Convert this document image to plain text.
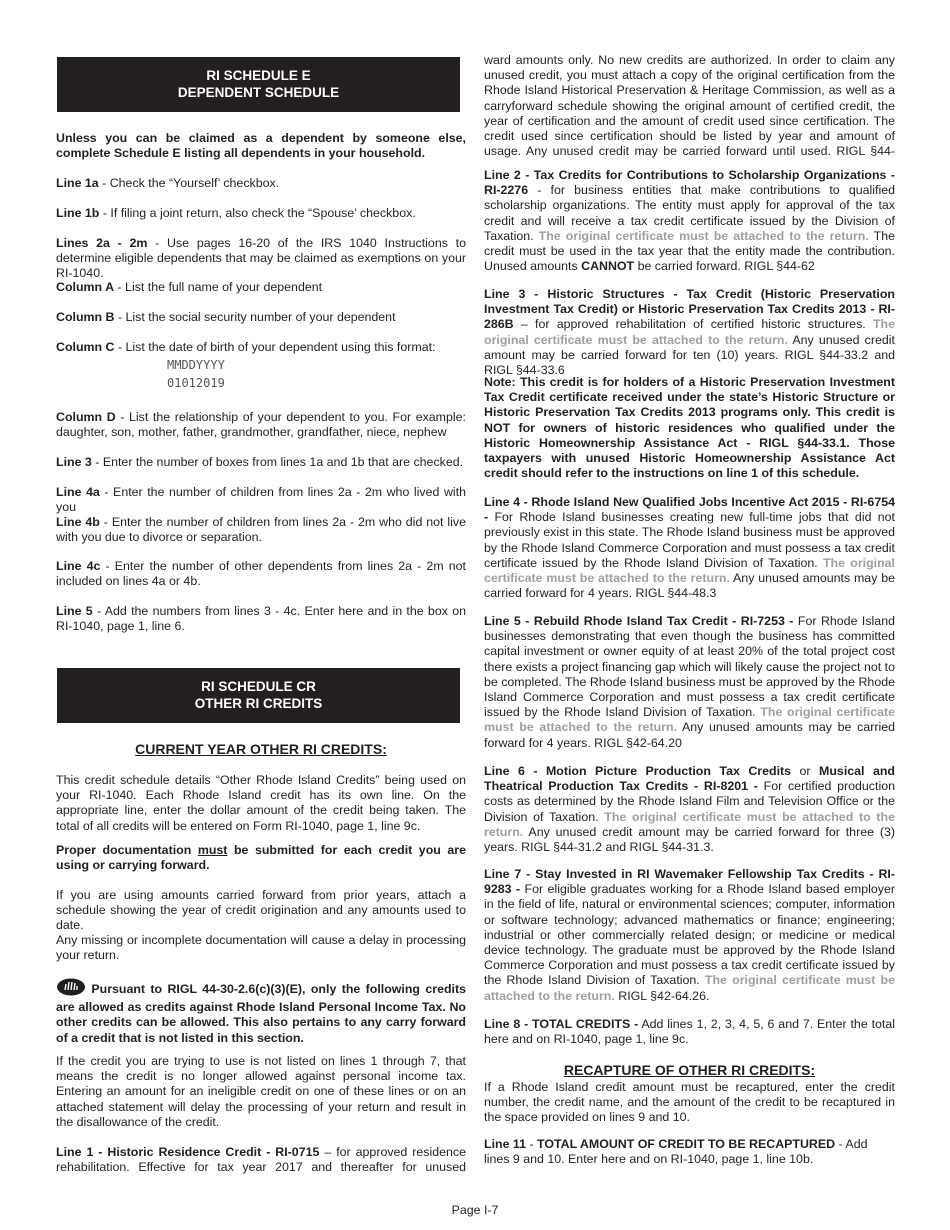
RI SCHEDULE E
DEPENDENT SCHEDULE

Unless you can be claimed as a dependent by someone else, complete Schedule E listing all dependents in your household.

Line 1a - Check the “Yourself’ checkbox.

Line 1b - If filing a joint return, also check the “Spouse’ checkbox.

Lines 2a - 2m - Use pages 16-20 of the IRS 1040 Instructions to determine eligible dependents that may be claimed as exemptions on your RI-1040.

Column A - List the full name of your dependent

Column B - List the social security number of your dependent

Column C - List the date of birth of your dependent using this format:

MMDDYYYY
01012019

Column D - List the relationship of your dependent to you. For example: daughter, son, mother, father, grandmother, grandfather, niece, nephew

Line 3 - Enter the number of boxes from lines 1a and 1b that are checked.

Line 4a - Enter the number of children from lines 2a - 2m who lived with you

Line 4b - Enter the number of children from lines 2a - 2m who did not live with you due to divorce or separation.

Line 4c - Enter the number of other dependents from lines 2a - 2m not included on lines 4a or 4b.

Line 5 - Add the numbers from lines 3 - 4c. Enter here and in the box on RI-1040, page 1, line 6.

RI SCHEDULE CR
OTHER RI CREDITS
CURRENT YEAR OTHER RI CREDITS:

This credit schedule details “Other Rhode Island Credits” being used on your RI-1040. Each Rhode Island credit has its own line. On the appropriate line, enter the dollar amount of the credit being taken. The total of all credits will be entered on Form RI-1040, page 1, line 9c.

Proper documentation must be submitted for each credit you are using or carrying forward.

If you are using amounts carried forward from prior years, attach a schedule showing the year of credit origination and any amounts used to date.

Any missing or incomplete documentation will cause a delay in processing your return.

Pursuant to RIGL 44-30-2.6(c)(3)(E), only the following credits are allowed as credits against Rhode Island Personal Income Tax. No other credits can be allowed. This also pertains to any carry forward of a credit that is not listed in this section.

If the credit you are trying to use is not listed on lines 1 through 7, that means the credit is no longer allowed against personal income tax. Entering an amount for an ineligible credit on one of these lines or on an attached statement will delay the processing of your return and result in the disallowance of the credit.

Line 1 - Historic Residence Credit - RI-0715 – for approved residence rehabilitation. Effective for tax year 2017 and thereafter for unused

ward amounts only. No new credits are authorized. In order to claim any unused credit, you must attach a copy of the original certification from the Rhode Island Historical Preservation & Heritage Commission, as well as a carryforward schedule showing the original amount of certified credit, the year of certification and the amount of credit used since certification. The credit used since certification should be listed by year and amount of usage. Any unused credit may be carried forward until used. RIGL §44-

Line 2 - Tax Credits for Contributions to Scholarship Organizations - RI-2276 - for business entities that make contributions to qualified scholarship organizations. The entity must apply for approval of the tax credit and will receive a tax credit certificate issued by the Division of Taxation. The original certificate must be attached to the return. The credit must be used in the tax year that the entity made the contribution. Unused amounts CANNOT be carried forward. RIGL §44-62

Line 3 - Historic Structures - Tax Credit (Historic Preservation Investment Tax Credit) or Historic Preservation Tax Credits 2013 - RI-286B – for approved rehabilitation of certified historic structures. The original certificate must be attached to the return. Any unused credit amount may be carried forward for ten (10) years. RIGL §44-33.2 and RIGL §44-33.6

Note: This credit is for holders of a Historic Preservation Investment Tax Credit certificate received under the state’s Historic Structure or Historic Preservation Tax Credits 2013 programs only. This credit is NOT for owners of historic residences who qualified under the Historic Homeownership Assistance Act - RIGL §44-33.1. Those taxpayers with unused Historic Homeownership Assistance Act credit should refer to the instructions on line 1 of this schedule.

Line 4 - Rhode Island New Qualified Jobs Incentive Act 2015 - RI-6754 - For Rhode Island businesses creating new full-time jobs that did not previously exist in this state. The Rhode Island business must be approved by the Rhode Island Commerce Corporation and must possess a tax credit certificate issued by the Rhode Island Division of Taxation. The original certificate must be attached to the return. Any unused amounts may be carried forward for 4 years. RIGL §44-48.3

Line 5 - Rebuild Rhode Island Tax Credit - RI-7253 - For Rhode Island businesses demonstrating that even though the business has committed capital investment or owner equity of at least 20% of the total project cost there exists a project financing gap which will likely cause the project not to be completed. The Rhode Island business must be approved by the Rhode Island Commerce Corporation and must possess a tax credit certificate issued by the Rhode Island Division of Taxation. The original certificate must be attached to the return. Any unused amounts may be carried forward for 4 years. RIGL §42-64.20

Line 6 - Motion Picture Production Tax Credits or Musical and Theatrical Production Tax Credits - RI-8201 - For certified production costs as determined by the Rhode Island Film and Television Office or the Division of Taxation. The original certificate must be attached to the return. Any unused credit amount may be carried forward for three (3) years. RIGL §44-31.2 and RIGL §44-31.3.

Line 7 - Stay Invested in RI Wavemaker Fellowship Tax Credits - RI-9283 - For eligible graduates working for a Rhode Island based employer in the field of life, natural or environmental sciences; computer, information or software technology; advanced mathematics or finance; engineering; industrial or other commercially related design; or medicine or medical device technology. The graduate must be approved by the Rhode Island Commerce Corporation and must possess a tax credit certificate issued by the Rhode Island Division of Taxation. The original certificate must be attached to the return. RIGL §42-64.26.

Line 8 - TOTAL CREDITS - Add lines 1, 2, 3, 4, 5, 6 and 7. Enter the total here and on RI-1040, page 1, line 9c.

RECAPTURE OF OTHER RI CREDITS:

If a Rhode Island credit amount must be recaptured, enter the credit number, the credit name, and the amount of the credit to be recaptured in the space provided on lines 9 and 10.

Line 11 - TOTAL AMOUNT OF CREDIT TO BE RECAPTURED - Add lines 9 and 10. Enter here and on RI-1040, page 1, line 10b.

Page I-7
